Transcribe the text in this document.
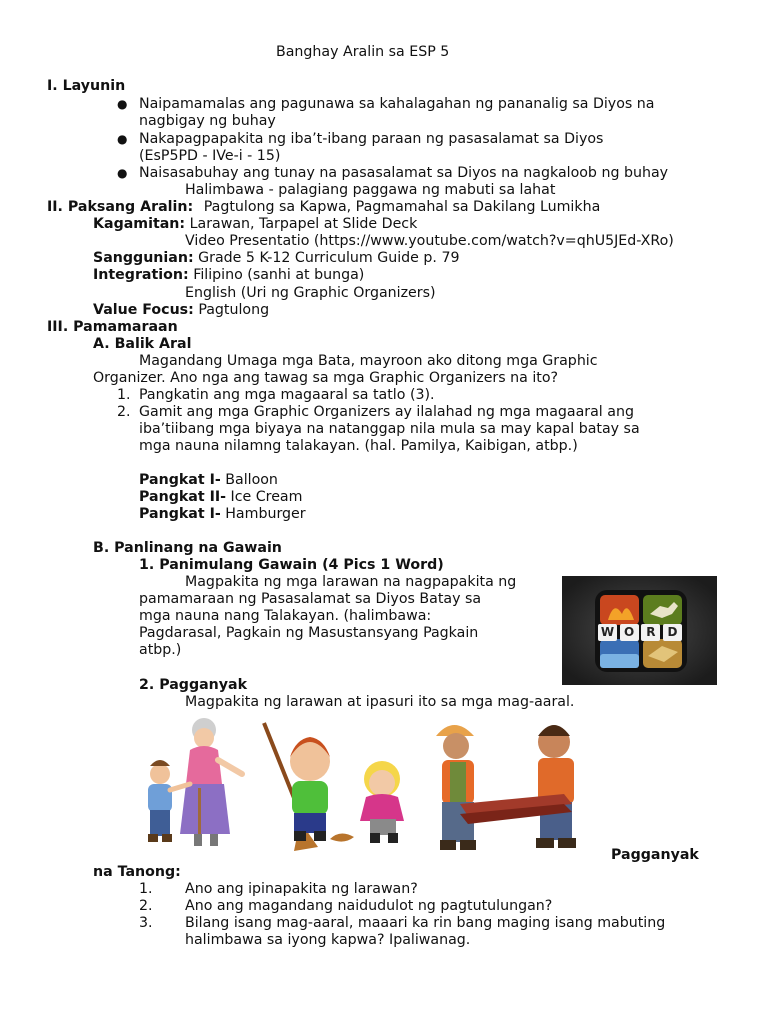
Banghay Aralin sa ESP 5
I. Layunin
● Naipamamalas ang pagunawa sa kahalagahan ng pananalig sa Diyos na
nagbigay ng buhay
● Nakapagpapakita ng iba’t-ibang paraan ng pasasalamat sa Diyos
(EsP5PD - IVe-i - 15)
● Naisasabuhay ang tunay na pasasalamat sa Diyos na nagkaloob ng buhay
Halimbawa - palagiang paggawa ng mabuti sa lahat
II. Paksang Aralin: Pagtulong sa Kapwa, Pagmamahal sa Dakilang Lumikha
Kagamitan: Larawan, Tarpapel at Slide Deck
Video Presentatio (https://www.youtube.com/watch?v=qhU5JEd-XRo)
Sanggunian: Grade 5 K-12 Curriculum Guide p. 79
Integration: Filipino (sanhi at bunga)
English (Uri ng Graphic Organizers)
Value Focus: Pagtulong
III. Pamamaraan
A. Balik Aral
Magandang Umaga mga Bata, mayroon ako ditong mga Graphic
Organizer. Ano nga ang tawag sa mga Graphic Organizers na ito?
1. Pangkatin ang mga magaaral sa tatlo (3).
2. Gamit ang mga Graphic Organizers ay ilalahad ng mga magaaral ang
iba’tiibang mga biyaya na natanggap nila mula sa may kapal batay sa
mga nauna nilamng talakayan. (hal. Pamilya, Kaibigan, atbp.)
Pangkat I- Balloon
Pangkat II- Ice Cream
Pangkat I- Hamburger
B. Panlinang na Gawain
1. Panimulang Gawain (4 Pics 1 Word)
Magpakita ng mga larawan na nagpapakita ng
pamamaraan ng Pasasalamat sa Diyos Batay sa
mga nauna nang Talakayan. (halimbawa:
Pagdarasal, Pagkain ng Masustansyang Pagkain
atbp.)
W O R	D
2. Pagganyak
Magpakita ng larawan at ipasuri ito sa mga mag-aaral.
Pagganyak
na Tanong:
1. Ano ang ipinapakita ng larawan?
2. Ano ang magandang naidudulot ng pagtutulungan?
3. Bilang isang mag-aaral, maaari ka rin bang maging isang mabuting
halimbawa sa iyong kapwa? Ipaliwanag.
